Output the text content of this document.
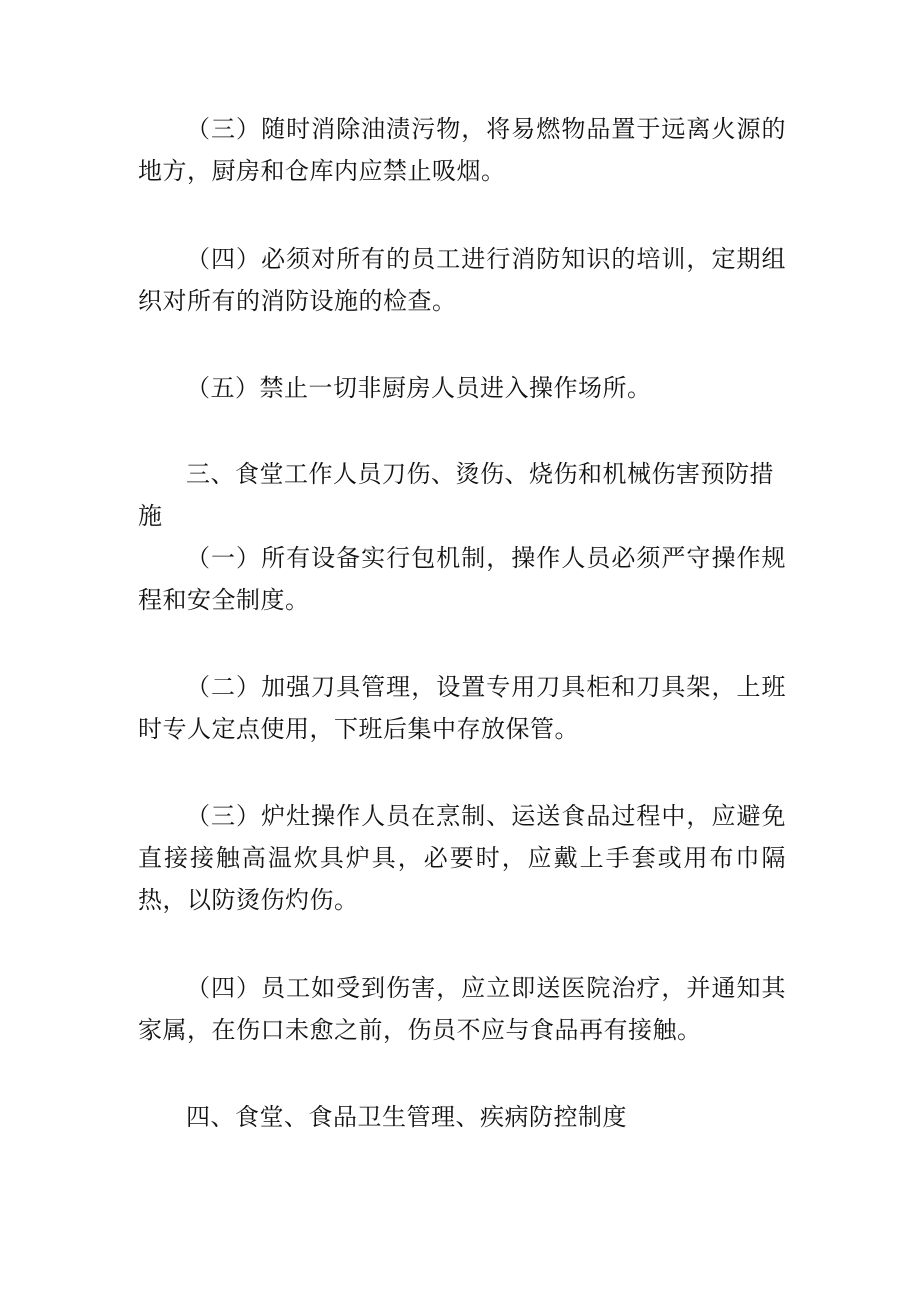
（三）随时消除油渍污物，将易燃物品置于远离火源的地方，厨房和仓库内应禁止吸烟。

（四）必须对所有的员工进行消防知识的培训，定期组织对所有的消防设施的检查。

（五）禁止一切非厨房人员进入操作场所。

三、食堂工作人员刀伤、烫伤、烧伤和机械伤害预防措施

（一）所有设备实行包机制，操作人员必须严守操作规程和安全制度。

（二）加强刀具管理，设置专用刀具柜和刀具架，上班时专人定点使用，下班后集中存放保管。

（三）炉灶操作人员在烹制、运送食品过程中，应避免直接接触高温炊具炉具，必要时，应戴上手套或用布巾隔热，以防烫伤灼伤。

（四）员工如受到伤害，应立即送医院治疗，并通知其家属，在伤口未愈之前，伤员不应与食品再有接触。

四、食堂、食品卫生管理、疾病防控制度
